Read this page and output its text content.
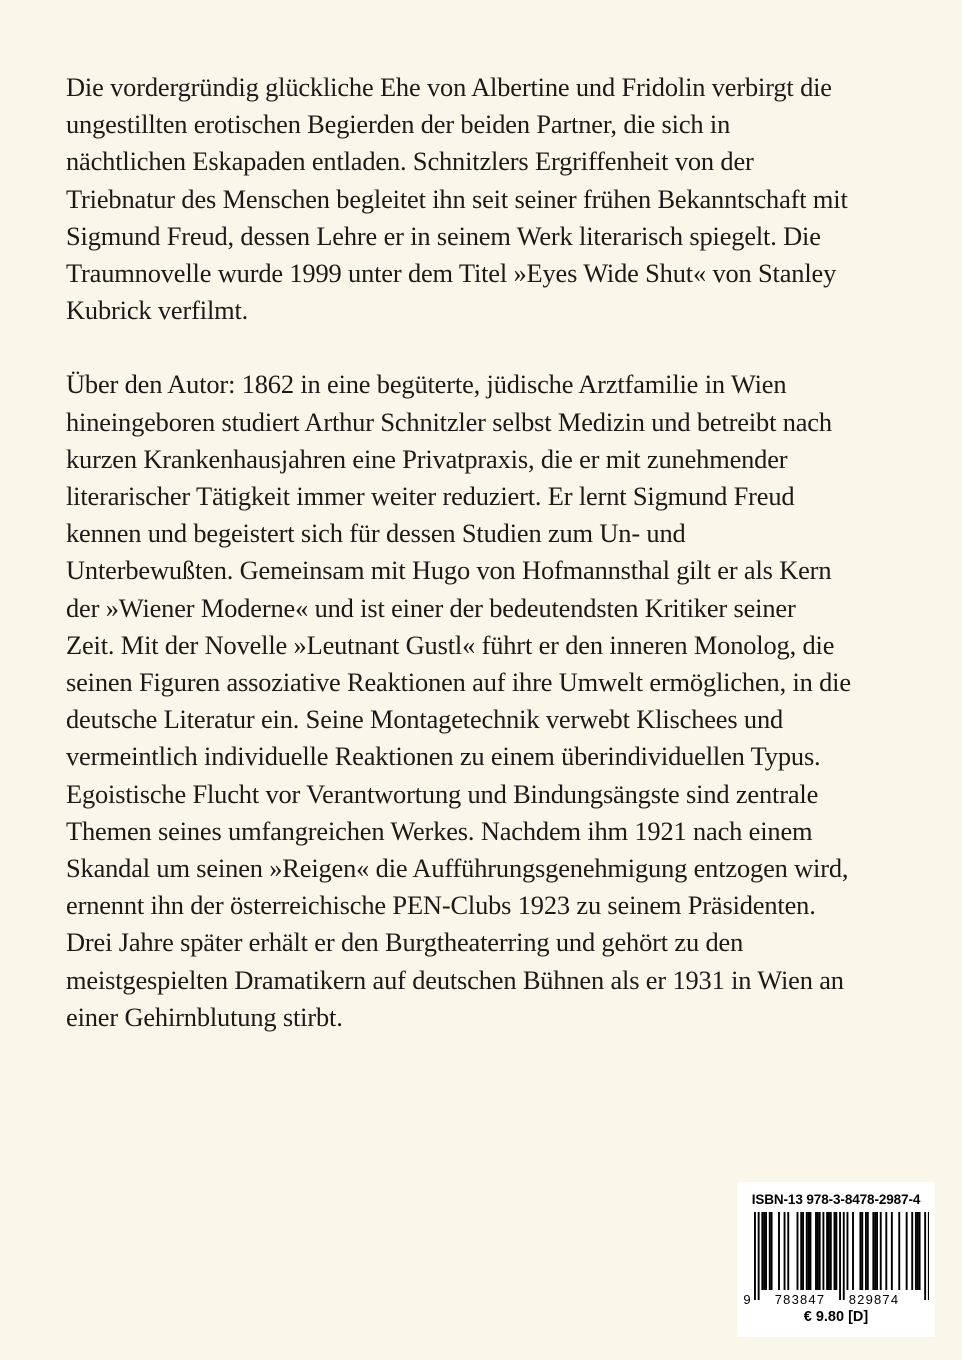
Die vordergründig glückliche Ehe von Albertine und Fridolin verbirgt die
ungestillten erotischen Begierden der beiden Partner, die sich in
nächtlichen Eskapaden entladen. Schnitzlers Ergriffenheit von der
Triebnatur des Menschen begleitet ihn seit seiner frühen Bekanntschaft mit
Sigmund Freud, dessen Lehre er in seinem Werk literarisch spiegelt. Die
Traumnovelle wurde 1999 unter dem Titel »Eyes Wide Shut« von Stanley
Kubrick verfilmt.

Über den Autor: 1862 in eine begüterte, jüdische Arztfamilie in Wien
hineingeboren studiert Arthur Schnitzler selbst Medizin und betreibt nach
kurzen Krankenhausjahren eine Privatpraxis, die er mit zunehmender
literarischer Tätigkeit immer weiter reduziert. Er lernt Sigmund Freud
kennen und begeistert sich für dessen Studien zum Un- und
Unterbewußten. Gemeinsam mit Hugo von Hofmannsthal gilt er als Kern
der »Wiener Moderne« und ist einer der bedeutendsten Kritiker seiner
Zeit. Mit der Novelle »Leutnant Gustl« führt er den inneren Monolog, die
seinen Figuren assoziative Reaktionen auf ihre Umwelt ermöglichen, in die
deutsche Literatur ein. Seine Montagetechnik verwebt Klischees und
vermeintlich individuelle Reaktionen zu einem überindividuellen Typus.
Egoistische Flucht vor Verantwortung und Bindungsängste sind zentrale
Themen seines umfangreichen Werkes. Nachdem ihm 1921 nach einem
Skandal um seinen »Reigen« die Aufführungsgenehmigung entzogen wird,
ernennt ihn der österreichische PEN-Clubs 1923 zu seinem Präsidenten.
Drei Jahre später erhält er den Burgtheaterring und gehört zu den
meistgespielten Dramatikern auf deutschen Bühnen als er 1931 in Wien an
einer Gehirnblutung stirbt.

ISBN-13 978-3-8478-2987-4
9 783847 829874
€ 9.80 [D]
